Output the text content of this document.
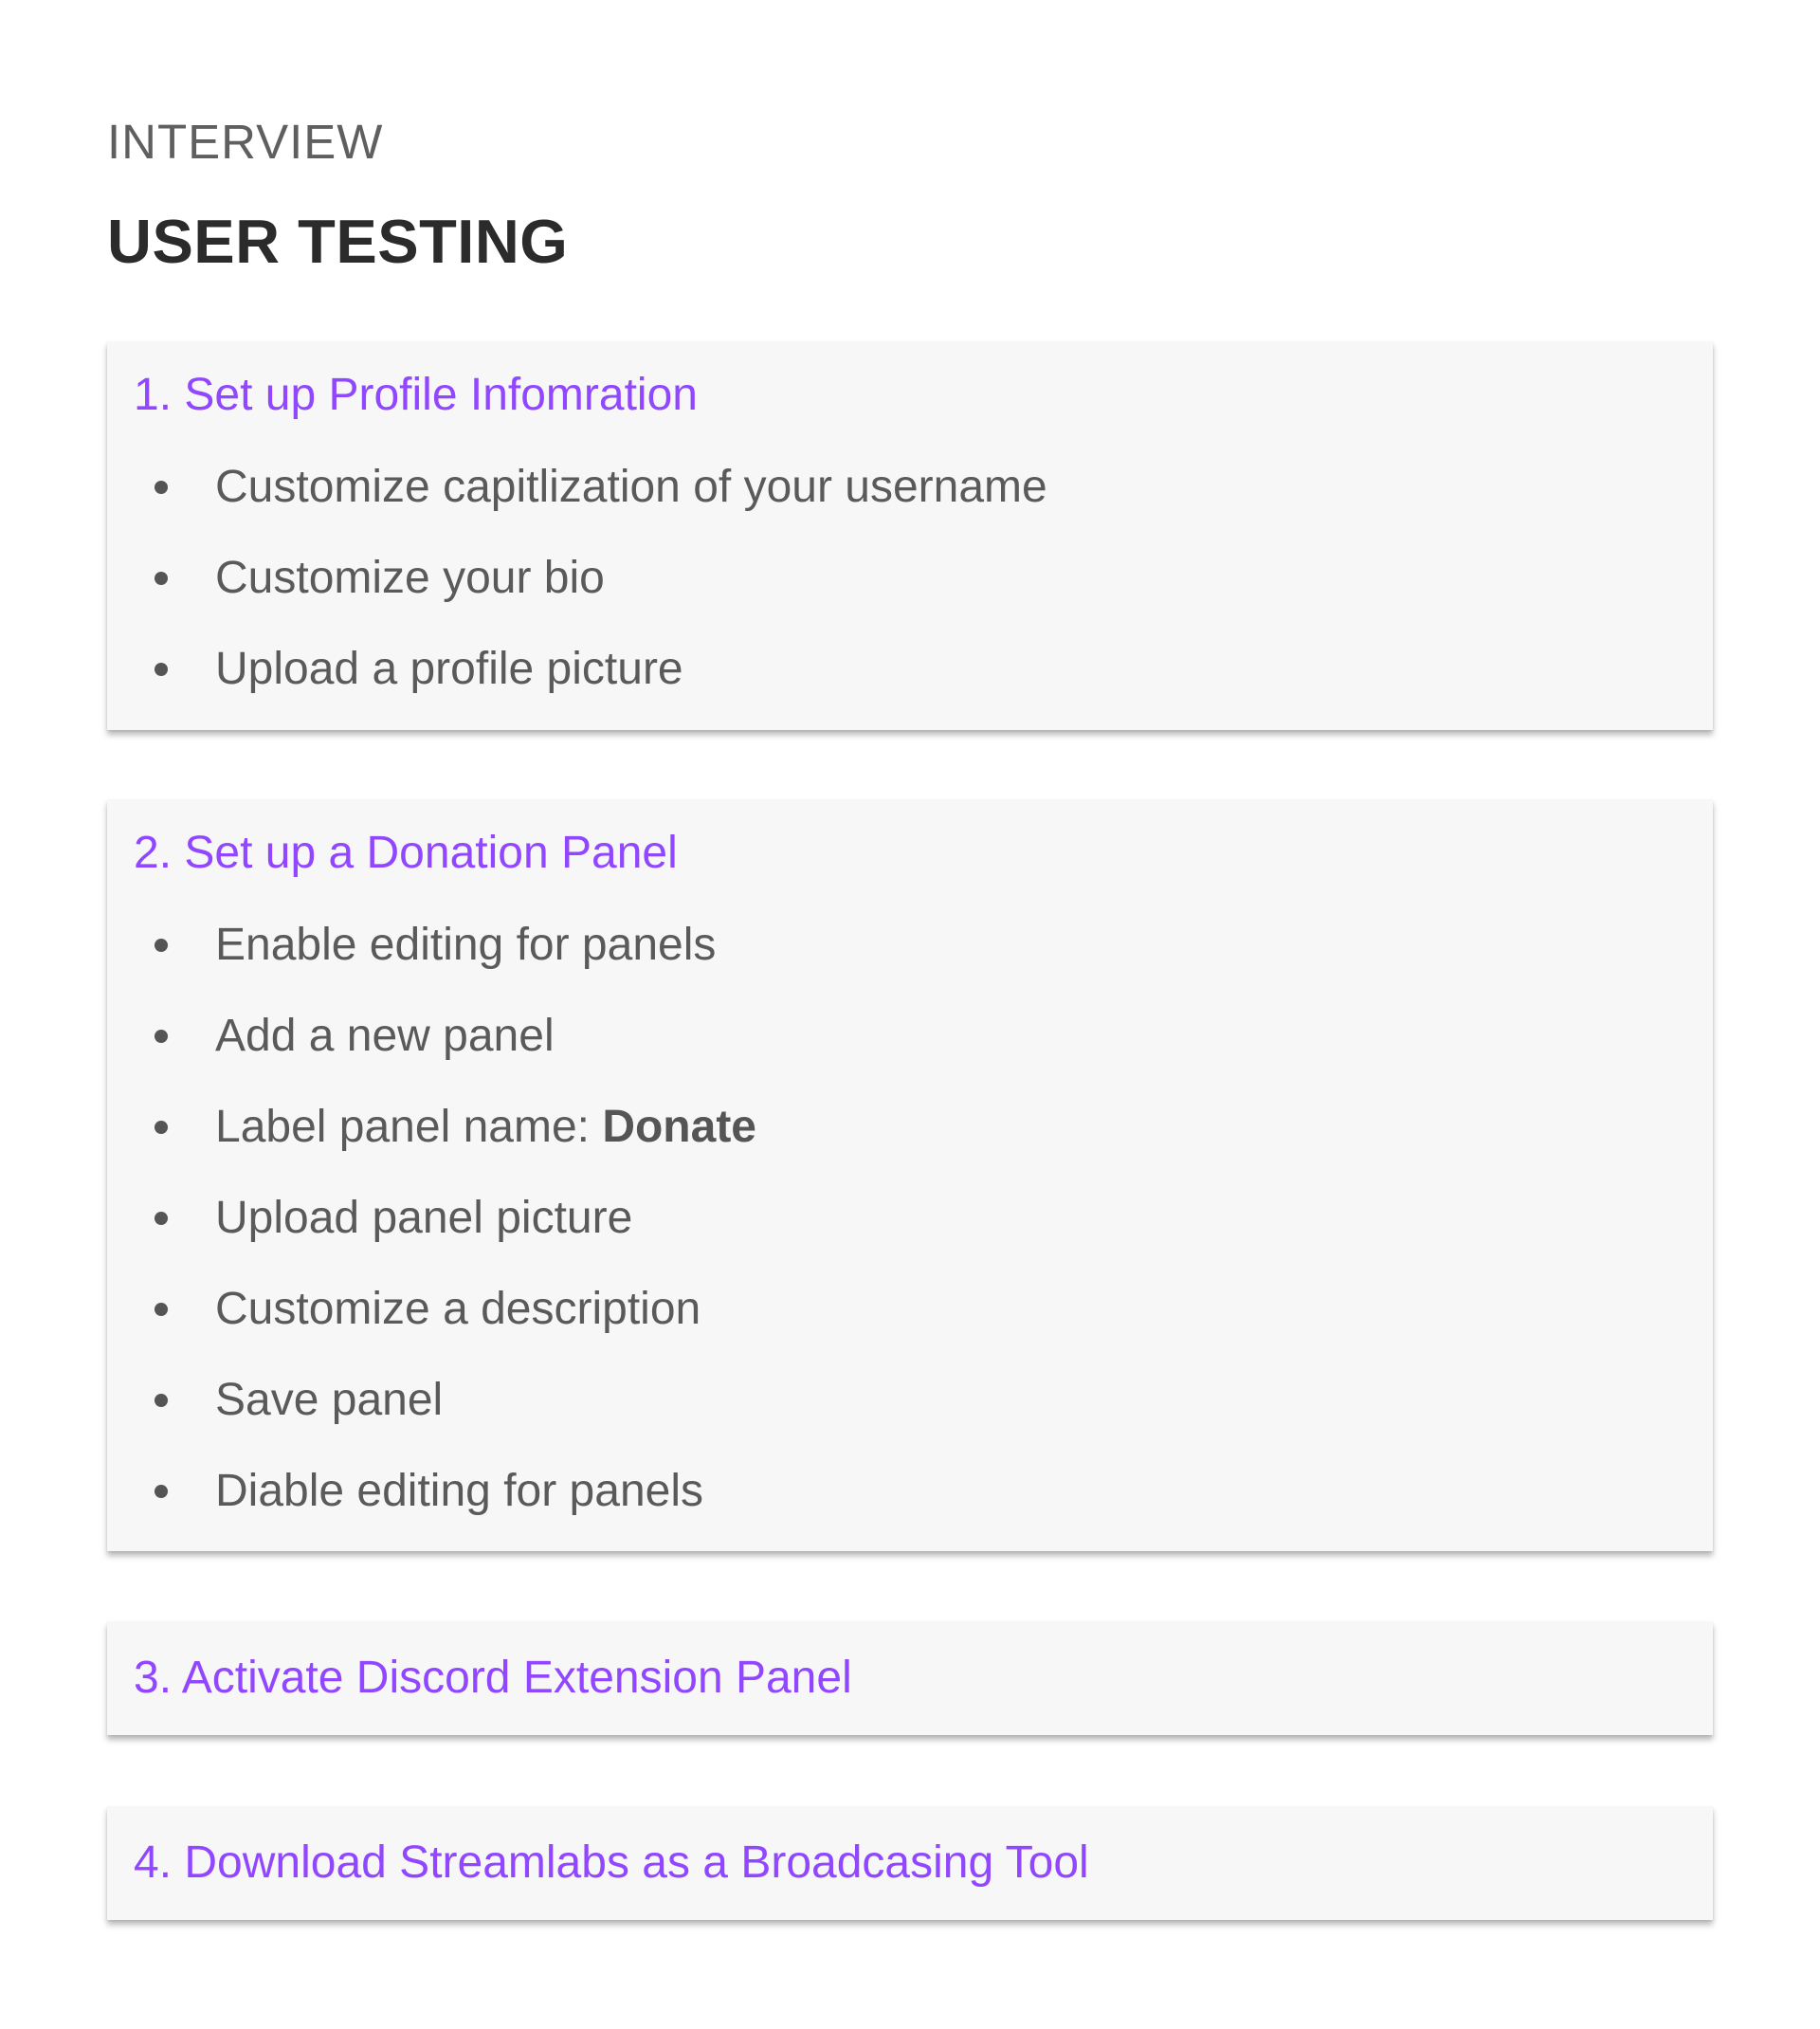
INTERVIEW
USER TESTING
1. Set up Profile Infomration
Customize capitlization of your username
Customize your bio
Upload a profile picture
2. Set up a Donation Panel
Enable editing for panels
Add a new panel
Label panel name: Donate
Upload panel picture
Customize a description
Save panel
Diable editing for panels
3. Activate Discord Extension Panel
4. Download Streamlabs as a Broadcasing Tool
